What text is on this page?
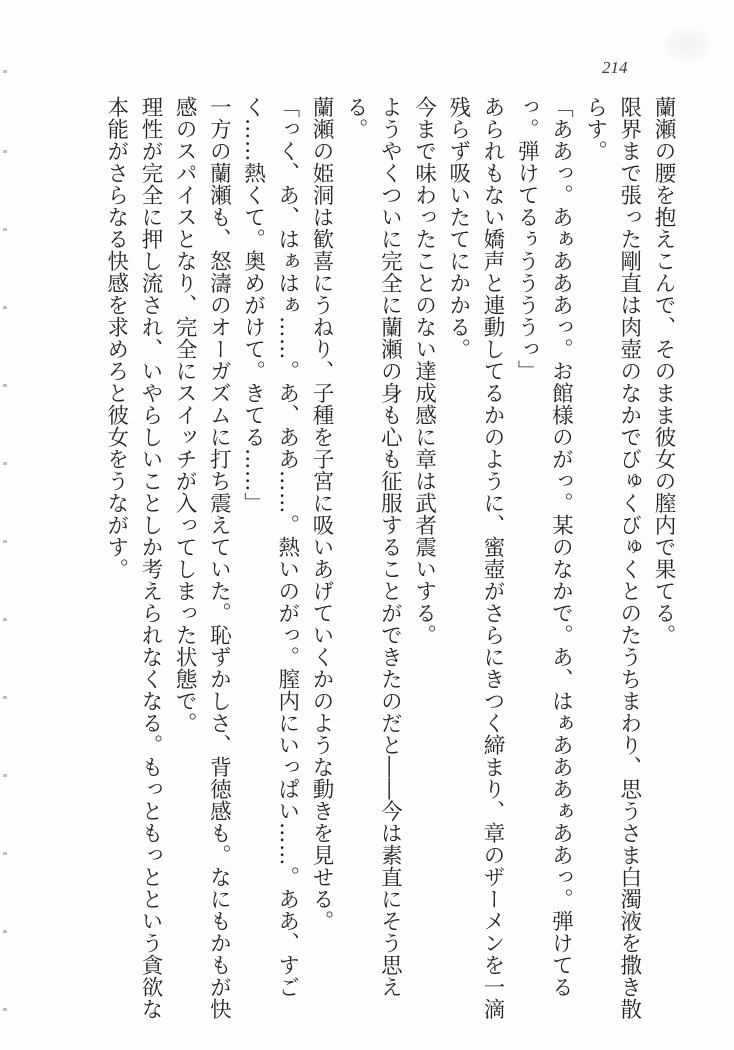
214

蘭瀬の腰を抱えこんで、そのまま彼女の膣内で果てる。

限界まで張った剛直は肉壺のなかでびゅくびゅくとのたうちまわり、思うさま白濁液を撒き散らす。

「ああっ。あぁあああっ。お館様のがっ。某のなかで。あ、はぁあああぁああっ。弾けてるっ。弾けてるぅううううっ」

あられもない嬌声と連動してるかのように、蜜壺がさらにきつく締まり、章のザーメンを一滴残らず吸いたてにかかる。

今まで味わったことのない達成感に章は武者震いする。

ようやくついに完全に蘭瀬の身も心も征服することができたのだと――今は素直にそう思える。

蘭瀬の姫洞は歓喜にうねり、子種を子宮に吸いあげていくかのような動きを見せる。

「っく、あ、はぁはぁ……。あ、ああ……。熱いのがっ。膣内にいっぱい……。ああ、すごく……熱くて。奥めがけて。きてる……」

一方の蘭瀬も、怒濤のオーガズムに打ち震えていた。恥ずかしさ、背徳感も。なにもかもが快感のスパイスとなり、完全にスイッチが入ってしまった状態で。

理性が完全に押し流され、いやらしいことしか考えられなくなる。もっともっとという貪欲な本能がさらなる快感を求めろと彼女をうながす。
